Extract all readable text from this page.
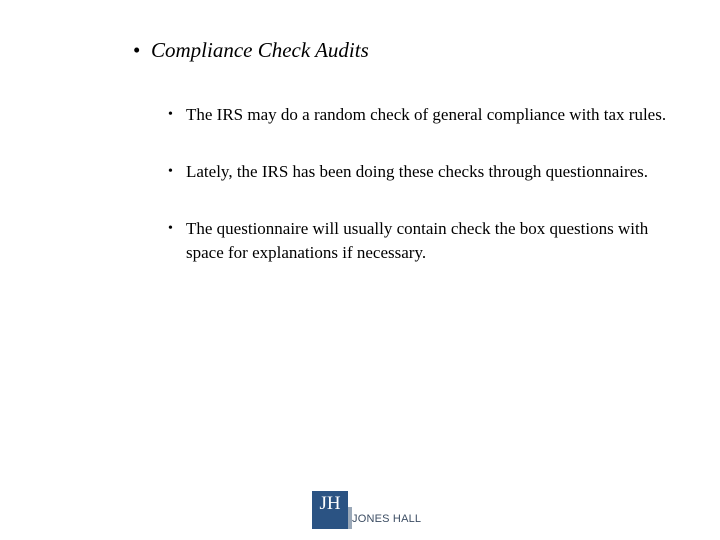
• Compliance Check Audits
• The IRS may do a random check of general compliance with tax rules.
• Lately, the IRS has been doing these checks through questionnaires.
• The questionnaire will usually contain check the box questions with space for explanations if necessary.
JH
JONES HALL
